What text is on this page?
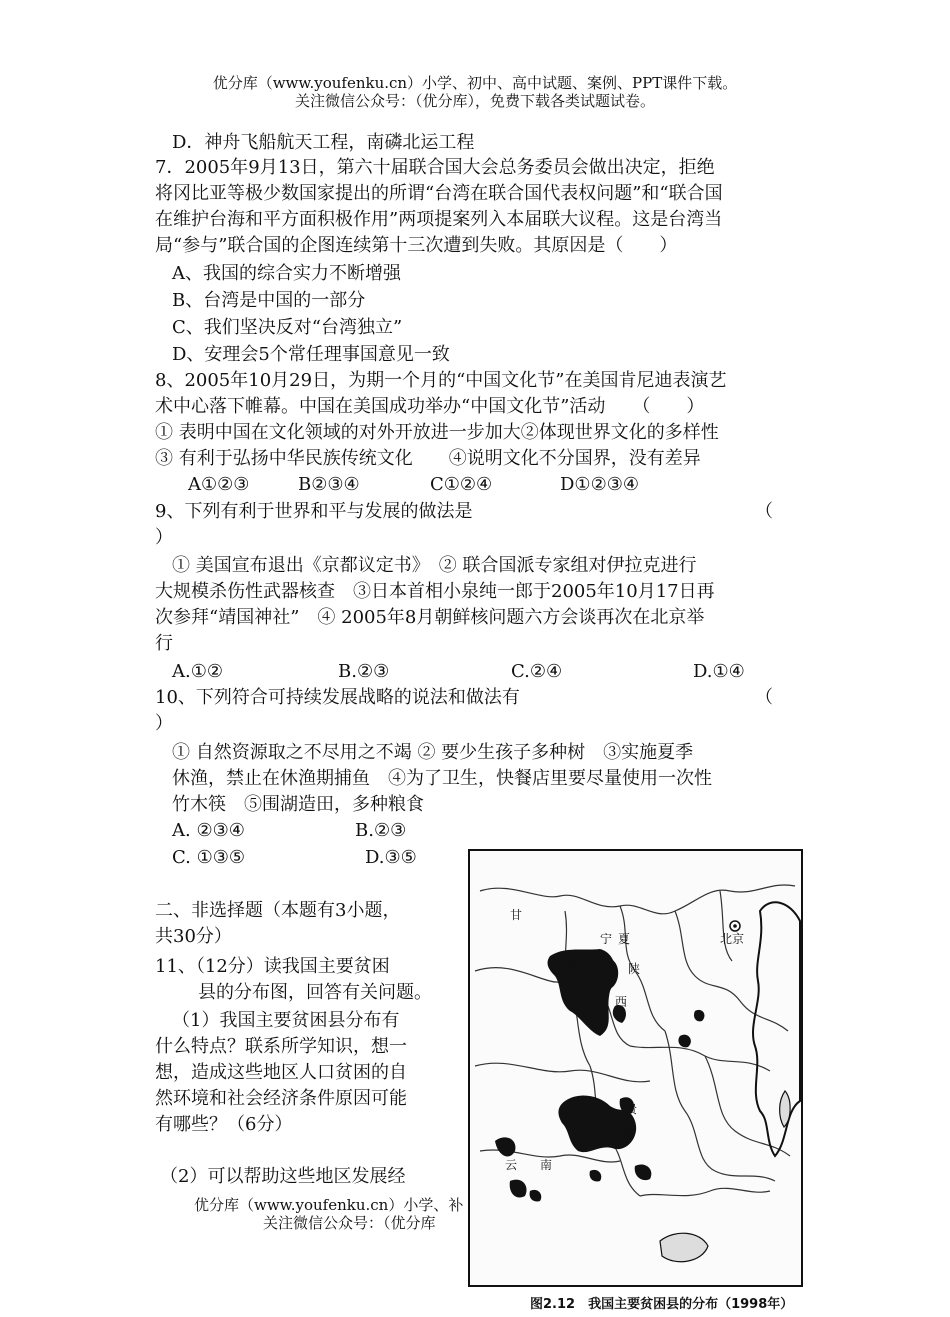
优分库（www.youfenku.cn）小学、初中、高中试题、案例、PPT课件下载。
关注微信公众号：（优分库），免费下载各类试题试卷。
D．神舟飞船航天工程，南磷北运工程
7．2005年9月13日，第六十届联合国大会总务委员会做出决定，拒绝
将冈比亚等极少数国家提出的所谓“台湾在联合国代表权问题”和“联合国
在维护台海和平方面积极作用”两项提案列入本届联大议程。这是台湾当
局“参与”联合国的企图连续第十三次遭到失败。其原因是（　　）
A、我国的综合实力不断增强
B、台湾是中国的一部分
C、我们坚决反对“台湾独立”
D、安理会5个常任理事国意见一致
8、2005年10月29日，为期一个月的“中国文化节”在美国肯尼迪表演艺
术中心落下帷幕。中国在美国成功举办“中国文化节”活动　　（　　）
① 表明中国在文化领域的对外开放进一步加大②体现世界文化的多样性
③ 有利于弘扬中华民族传统文化　　④说明文化不分国界，没有差异
A①②③	B②③④	C①②④	D①②③④
9、下列有利于世界和平与发展的做法是	（
）
① 美国宣布退出《京都议定书》　② 联合国派专家组对伊拉克进行
大规模杀伤性武器核查　③日本首相小泉纯一郎于2005年10月17日再
次参拜“靖国神社”　④ 2005年8月朝鲜核问题六方会谈再次在北京举
行
A.①②	B.②③	C.②④	D.①④
10、下列符合可持续发展战略的说法和做法有	（
）
① 自然资源取之不尽用之不竭 ② 要少生孩子多种树　③实施夏季
休渔，禁止在休渔期捕鱼　④为了卫生，快餐店里要尽量使用一次性
竹木筷　⑤围湖造田，多种粮食
A. ②③④	B.②③
C. ①③⑤	D.③⑤
二、非选择题（本题有3小题，
共30分）
11、（12分）读我国主要贫困
县的分布图，回答有关问题。
（1）我国主要贫困县分布有
什么特点？联系所学知识，想一
想，造成这些地区人口贫困的自
然环境和社会经济条件原因可能
有哪些？（6分）
（2）可以帮助这些地区发展经
优分库（www.youfenku.cn）小学、补
关注微信公众号：（优分库
甘
宁 夏
肃	陕
西
北京
贵
州
云 南
图2.12　我国主要贫困县的分布（1998年）
